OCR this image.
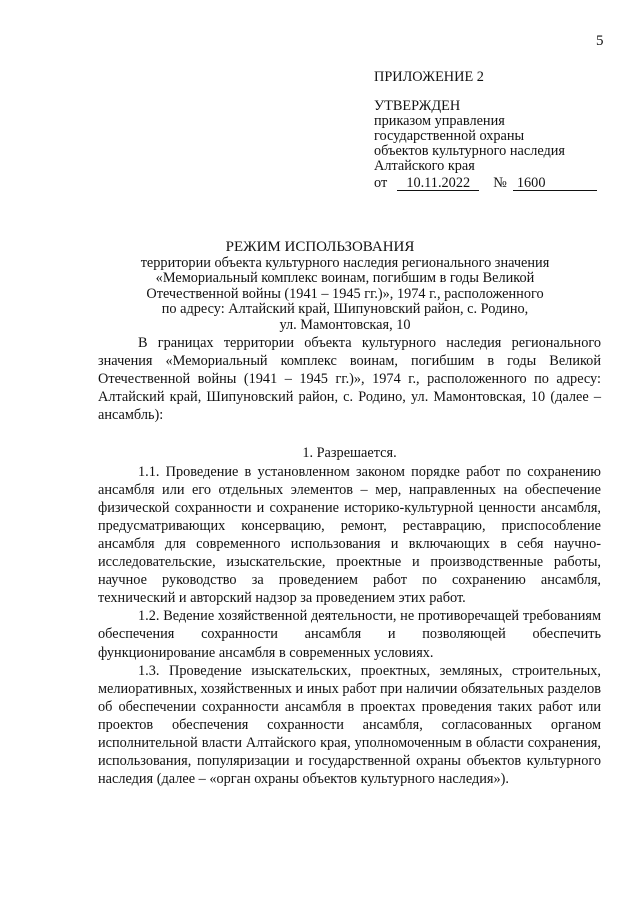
5
ПРИЛОЖЕНИЕ 2
УТВЕРЖДЕН
приказом управления
государственной охраны
объектов культурного наследия
Алтайского края
от	10.11.2022	№ 1600
РЕЖИМ ИСПОЛЬЗОВАНИЯ
территории объекта культурного наследия регионального значения
«Мемориальный комплекс воинам, погибшим в годы Великой
Отечественной войны (1941 – 1945 гг.)», 1974 г., расположенного
по адресу: Алтайский край, Шипуновский район, с. Родино,
ул. Мамонтовская, 10

В границах территории объекта культурного наследия регионального значения «Мемориальный комплекс воинам, погибшим в годы Великой Отечественной войны (1941 – 1945 гг.)», 1974 г., расположенного по адресу: Алтайский край, Шипуновский район, с. Родино, ул. Мамонтовская, 10 (далее – ансамбль):

1. Разрешается.

1.1. Проведение в установленном законом порядке работ по сохранению ансамбля или его отдельных элементов – мер, направленных на обеспечение физической сохранности и сохранение историко-культурной ценности ансамбля, предусматривающих консервацию, ремонт, реставрацию, приспособление ансамбля для современного использования и включающих в себя научно-исследовательские, изыскательские, проектные и производственные работы, научное руководство за проведением работ по сохранению ансамбля, технический и авторский надзор за проведением этих работ.

1.2. Ведение хозяйственной деятельности, не противоречащей требованиям обеспечения сохранности ансамбля и позволяющей обеспечить функционирование ансамбля в современных условиях.

1.3. Проведение изыскательских, проектных, земляных, строительных, мелиоративных, хозяйственных и иных работ при наличии обязательных разделов об обеспечении сохранности ансамбля в проектах проведения таких работ или проектов обеспечения сохранности ансамбля, согласованных органом исполнительной власти Алтайского края, уполномоченным в области сохранения, использования, популяризации и государственной охраны объектов культурного наследия (далее – «орган охраны объектов культурного наследия»).
